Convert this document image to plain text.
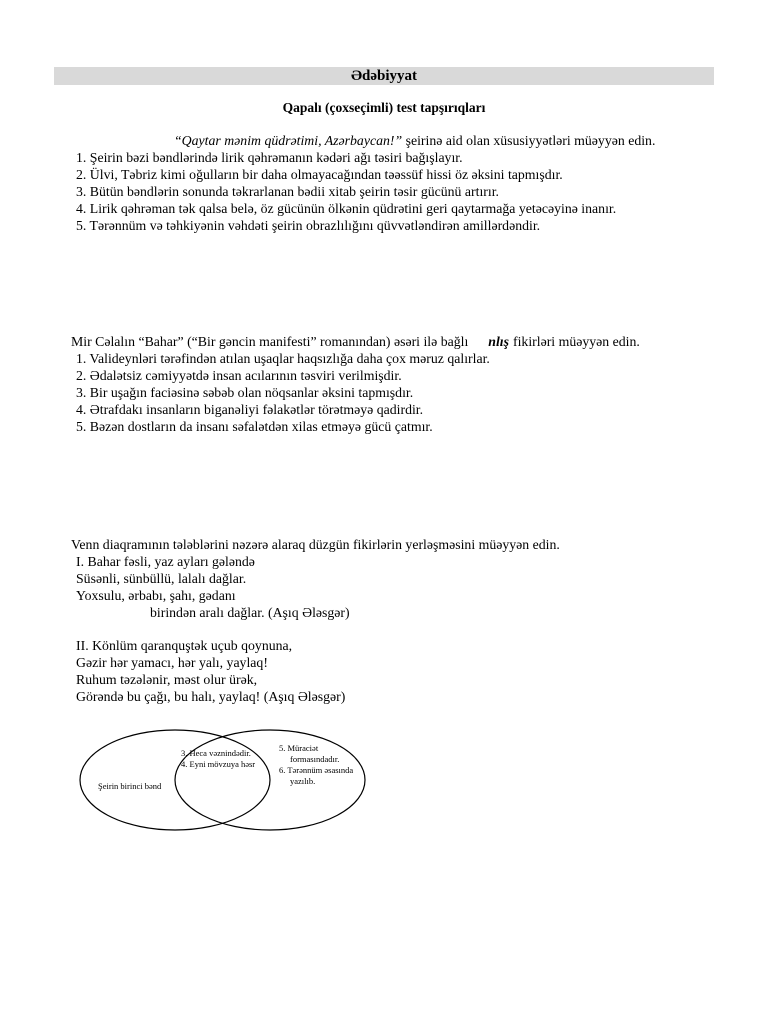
Ədəbiyyat
Qapalı (çoxseçimli) test tapşırıqları
“Qaytar mənim qüdrətimi, Azərbaycan!” şeirinə aid olan xüsusiyyətləri müəyyən edin.
1. Şeirin bəzi bəndlərində lirik qəhrəmanın kədəri ağı təsiri bağışlayır.
2. Ülvi, Təbriz kimi oğulların bir daha olmayacağından təəssüf hissi öz əksini tapmışdır.
3. Bütün bəndlərin sonunda təkrarlanan bədii xitab şeirin təsir gücünü artırır.
4. Lirik qəhrəman tək qalsa belə, öz gücünün ölkənin qüdrətini geri qaytarmağa yetəcəyinə inanır.
5. Tərənnüm və təhkiyənin vəhdəti şeirin obrazlılığını qüvvətləndirən amillərdəndir.
Mir Cəlalın “Bahar” (“Bir gəncin manifesti” romanından) əsəri ilə bağlı nlış fikirləri müəyyən edin.
1. Valideynləri tərəfindən atılan uşaqlar haqsızlığa daha çox məruz qalırlar.
2. Ədalətsiz cəmiyyətdə insan acılarının təsviri verilmişdir.
3. Bir uşağın faciəsinə səbəb olan nöqsanlar əksini tapmışdır.
4. Ətrafdakı insanların biganəliyi fəlakətlər törətməyə qadirdir.
5. Bəzən dostların da insanı səfalətdən xilas etməyə gücü çatmır.
Venn diaqramının tələblərini nəzərə alaraq düzgün fikirlərin yerləşməsini müəyyən edin.
I. Bahar fəsli, yaz ayları gələndə
Süsənli, sünbüllü, lalalı dağlar.
Yoxsulu, ərbabı, şahı, gədanı
birindən aralı dağlar. (Aşıq Ələsgər)
II. Könlüm qaranquştək uçub qoynuna,
Gəzir hər yamacı, hər yalı, yaylaq!
Ruhum təzələnir, məst olur ürək,
Görəndə bu çağı, bu halı, yaylaq! (Aşıq Ələsgər)
Şeirin birinci bənd
3. Heca vəznindədir.
4. Eyni mövzuya həsr
5. Müraciət
formasındadır.
6. Tərənnüm əsasında
yazılıb.
